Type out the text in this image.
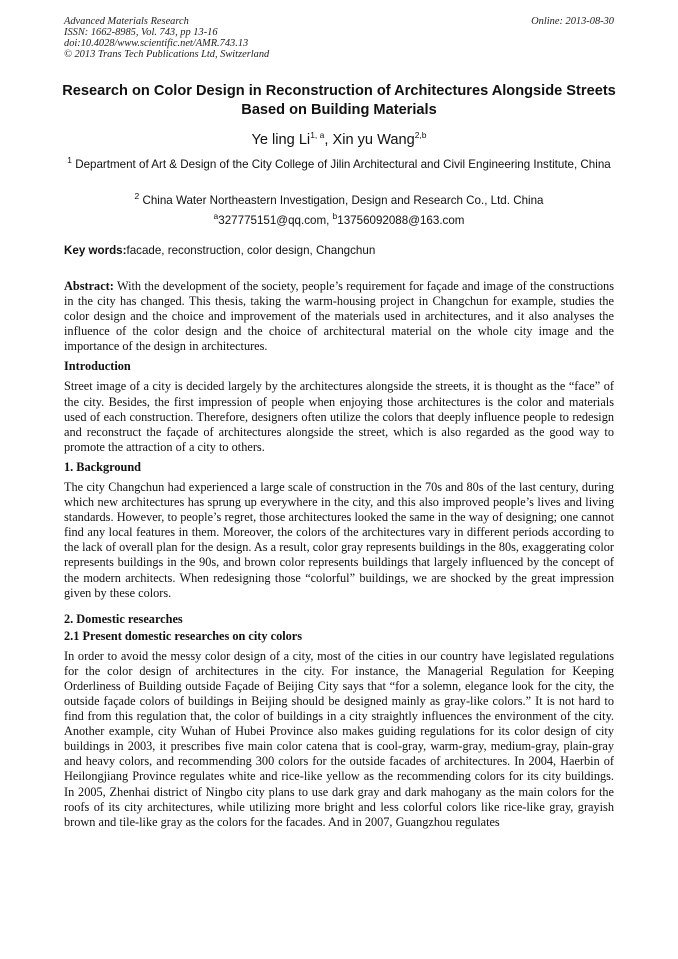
Advanced Materials Research
ISSN: 1662-8985, Vol. 743, pp 13-16
doi:10.4028/www.scientific.net/AMR.743.13
© 2013 Trans Tech Publications Ltd, Switzerland
Online: 2013-08-30
Research on Color Design in Reconstruction of Architectures Alongside Streets Based on Building Materials
Ye ling Li$^{1, a}$, Xin yu Wang$^{2,b}$
$^1$ Department of Art & Design of the City College of Jilin Architectural and Civil Engineering Institute, China
$^2$ China Water Northeastern Investigation, Design and Research Co., Ltd. China
$^a$327775151@qq.com, $^b$13756092088@163.com
Key words:facade, reconstruction, color design, Changchun

Abstract: With the development of the society, people’s requirement for façade and image of the constructions in the city has changed. This thesis, taking the warm-housing project in Changchun for example, studies the color design and the choice and improvement of the materials used in architectures, and it also analyses the influence of the color design and the choice of architectural material on the whole city image and the importance of the design in architectures.

Introduction

Street image of a city is decided largely by the architectures alongside the streets, it is thought as the “face” of the city. Besides, the first impression of people when enjoying those architectures is the color and materials used of each construction. Therefore, designers often utilize the colors that deeply influence people to redesign and reconstruct the façade of architectures alongside the street, which is also regarded as the good way to promote the attraction of a city to others.

1. Background

The city Changchun had experienced a large scale of construction in the 70s and 80s of the last century, during which new architectures has sprung up everywhere in the city, and this also improved people’s lives and living standards. However, to people’s regret, those architectures looked the same in the way of designing; one cannot find any local features in them. Moreover, the colors of the architectures vary in different periods according to the lack of overall plan for the design. As a result, color gray represents buildings in the 80s, exaggerating color represents buildings in the 90s, and brown color represents buildings that largely influenced by the concept of the modern architects. When redesigning those “colorful” buildings, we are shocked by the great impression given by these colors.

2. Domestic researches
2.1 Present domestic researches on city colors

In order to avoid the messy color design of a city, most of the cities in our country have legislated regulations for the color design of architectures in the city. For instance, the Managerial Regulation for Keeping Orderliness of Building outside Façade of Beijing City says that “for a solemn, elegance look for the city, the outside façade colors of buildings in Beijing should be designed mainly as gray-like colors.” It is not hard to find from this regulation that, the color of buildings in a city straightly influences the environment of the city. Another example, city Wuhan of Hubei Province also makes guiding regulations for its color design of city buildings in 2003, it prescribes five main color catena that is cool-gray, warm-gray, medium-gray, plain-gray and heavy colors, and recommending 300 colors for the outside facades of architectures. In 2004, Haerbin of Heilongjiang Province regulates white and rice-like yellow as the recommending colors for its city buildings. In 2005, Zhenhai district of Ningbo city plans to use dark gray and dark mahogany as the main colors for the roofs of its city architectures, while utilizing more bright and less colorful colors like rice-like gray, grayish brown and tile-like gray as the colors for the facades. And in 2007, Guangzhou regulates
